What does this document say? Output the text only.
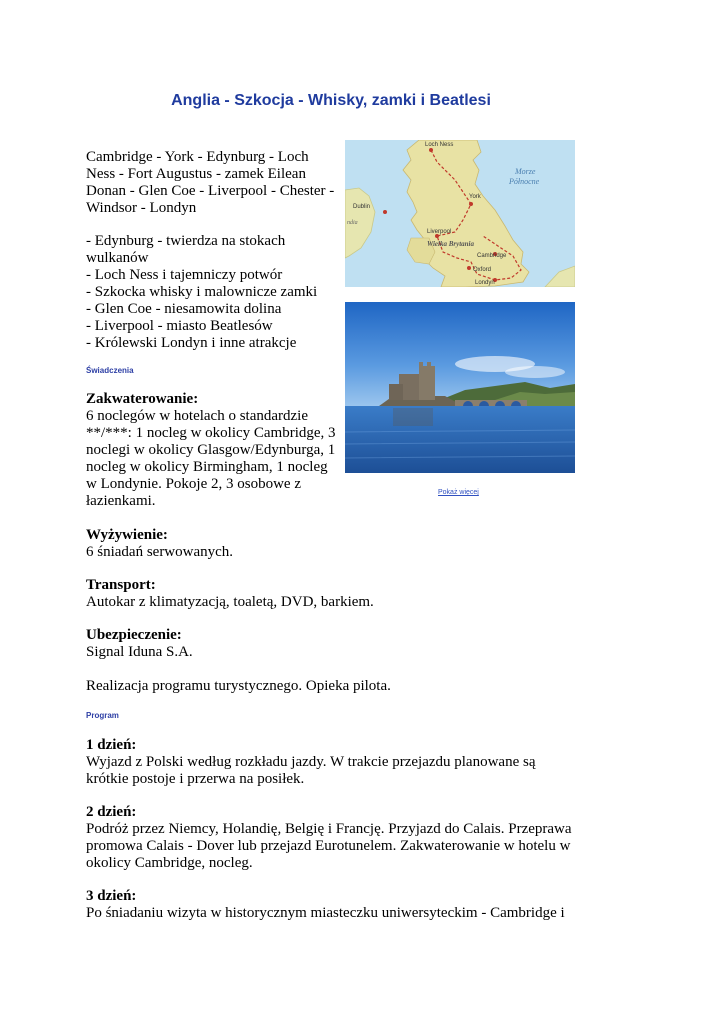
Anglia - Szkocja - Whisky, zamki i Beatlesi
Cambridge - York - Edynburg - Loch Ness - Fort Augustus - zamek Eilean Donan - Glen Coe - Liverpool - Chester - Windsor - Londyn
- Edynburg - twierdza na stokach
wulkanów
- Loch Ness i tajemniczy potwór
- Szkocka whisky i malownicze zamki
- Glen Coe - niesamowita dolina
- Liverpool - miasto Beatlesów
- Królewski Londyn i inne atrakcje
Świadczenia
Zakwaterowanie:
6 noclegów w hotelach o standardzie **/***: 1 nocleg w okolicy Cambridge, 3 noclegi w okolicy Glasgow/Edynburga, 1 nocleg w okolicy Birmingham, 1 nocleg w Londynie. Pokoje 2, 3 osobowe z łazienkami.
Wyżywienie:
6 śniadań serwowanych.
Transport:
Autokar z klimatyzacją, toaletą, DVD, barkiem.
Ubezpieczenie:
Signal Iduna S.A.
Realizacja programu turystycznego. Opieka pilota.
Program
1 dzień:
Wyjazd z Polski według rozkładu jazdy. W trakcie przejazdu planowane są krótkie postoje i przerwa na posiłek.
2 dzień:
Podróż przez Niemcy, Holandię, Belgię i Francję. Przyjazd do Calais. Przeprawa promowa Calais - Dover lub przejazd Eurotunelem. Zakwaterowanie w hotelu w okolicy Cambridge, nocleg.
3 dzień:
Po śniadaniu wizyta w historycznym miasteczku uniwersyteckim - Cambridge i
Loch Ness
Morze
Północne
York
Dublin
ndia
Liverpool
Wielka Brytania
Cambridge
Oxford
Londyn
Pokaż więcej
